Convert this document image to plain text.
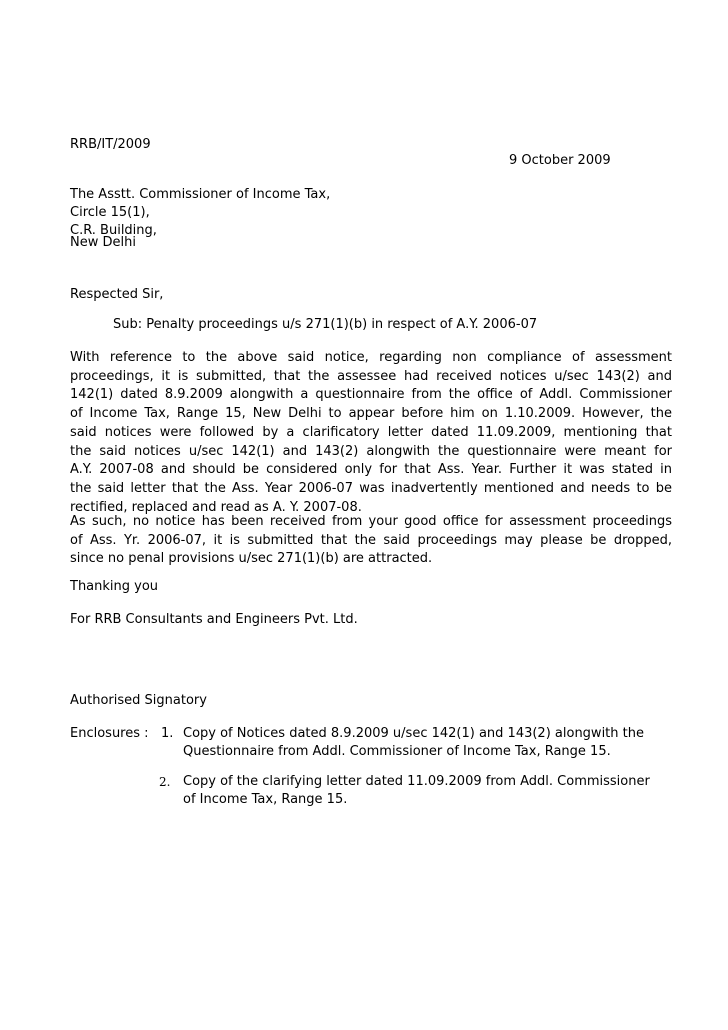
RRB/IT/2009

9 October 2009

The Asstt. Commissioner of Income Tax,

Circle 15(1),

C.R. Building,

New Delhi

Respected Sir,

Sub: Penalty proceedings u/s 271(1)(b) in respect of A.Y. 2006-07

With reference to the above said notice, regarding non compliance of assessment
proceedings, it is submitted, that the assessee had received notices u/sec 143(2) and
142(1) dated 8.9.2009 alongwith a questionnaire from the office of Addl. Commissioner
of Income Tax, Range 15, New Delhi to appear before him on 1.10.2009. However, the
said notices were followed by a clarificatory letter dated 11.09.2009, mentioning that
the said notices u/sec 142(1) and 143(2) alongwith the questionnaire were meant for
A.Y. 2007-08 and should be considered only for that Ass. Year. Further it was stated in
the said letter that the Ass. Year 2006-07 was inadvertently mentioned and needs to be
rectified, replaced and read as A. Y. 2007-08.
As such, no notice has been received from your good office for assessment proceedings
of Ass. Yr. 2006-07, it is submitted that the said proceedings may please be dropped,
since no penal provisions u/sec 271(1)(b) are attracted.

Thanking you

For RRB Consultants and Engineers Pvt. Ltd.

Authorised Signatory

Enclosures : 1. Copy of Notices dated 8.9.2009 u/sec 142(1) and 143(2) alongwith the
Questionnaire from Addl. Commissioner of Income Tax, Range 15.
2. Copy of the clarifying letter dated 11.09.2009 from Addl. Commissioner
of Income Tax, Range 15.
